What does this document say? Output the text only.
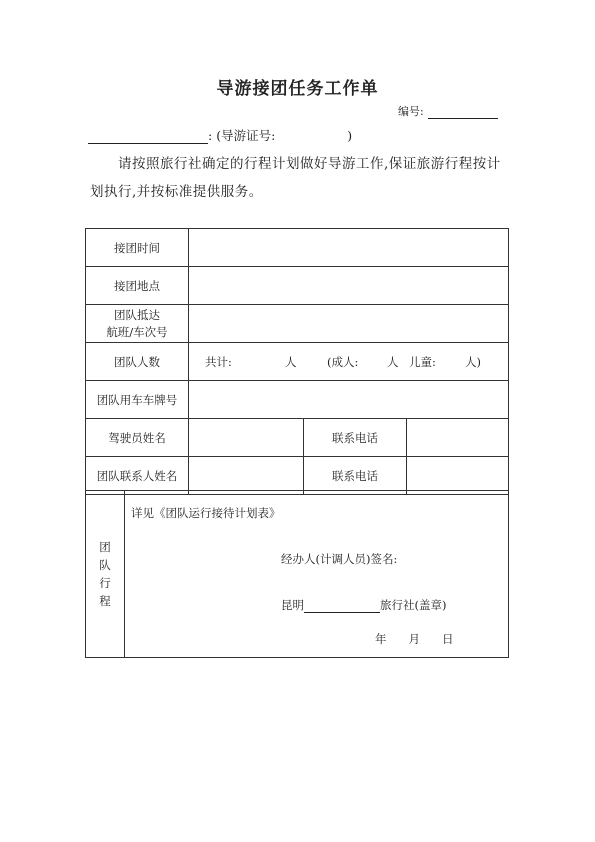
导游接团任务工作单
编号:
: (导游证号:	)
请按照旅行社确定的行程计划做好导游工作,保证旅游行程按计划执行,并按标准提供服务。
接团时间			
接团地点			

团队抵达
航班/车次号			

团队人数	共计: 人 (成人: 人 儿童: 人)		
团队用车车牌号			
驾驶员姓名		联系电话	
团队联系人姓名		联系电话	
团
队
行
程

详见《团队运行接待计划表》
经办人(计调人员)签名:
昆明	旅行社(盖章)
年 月 日
